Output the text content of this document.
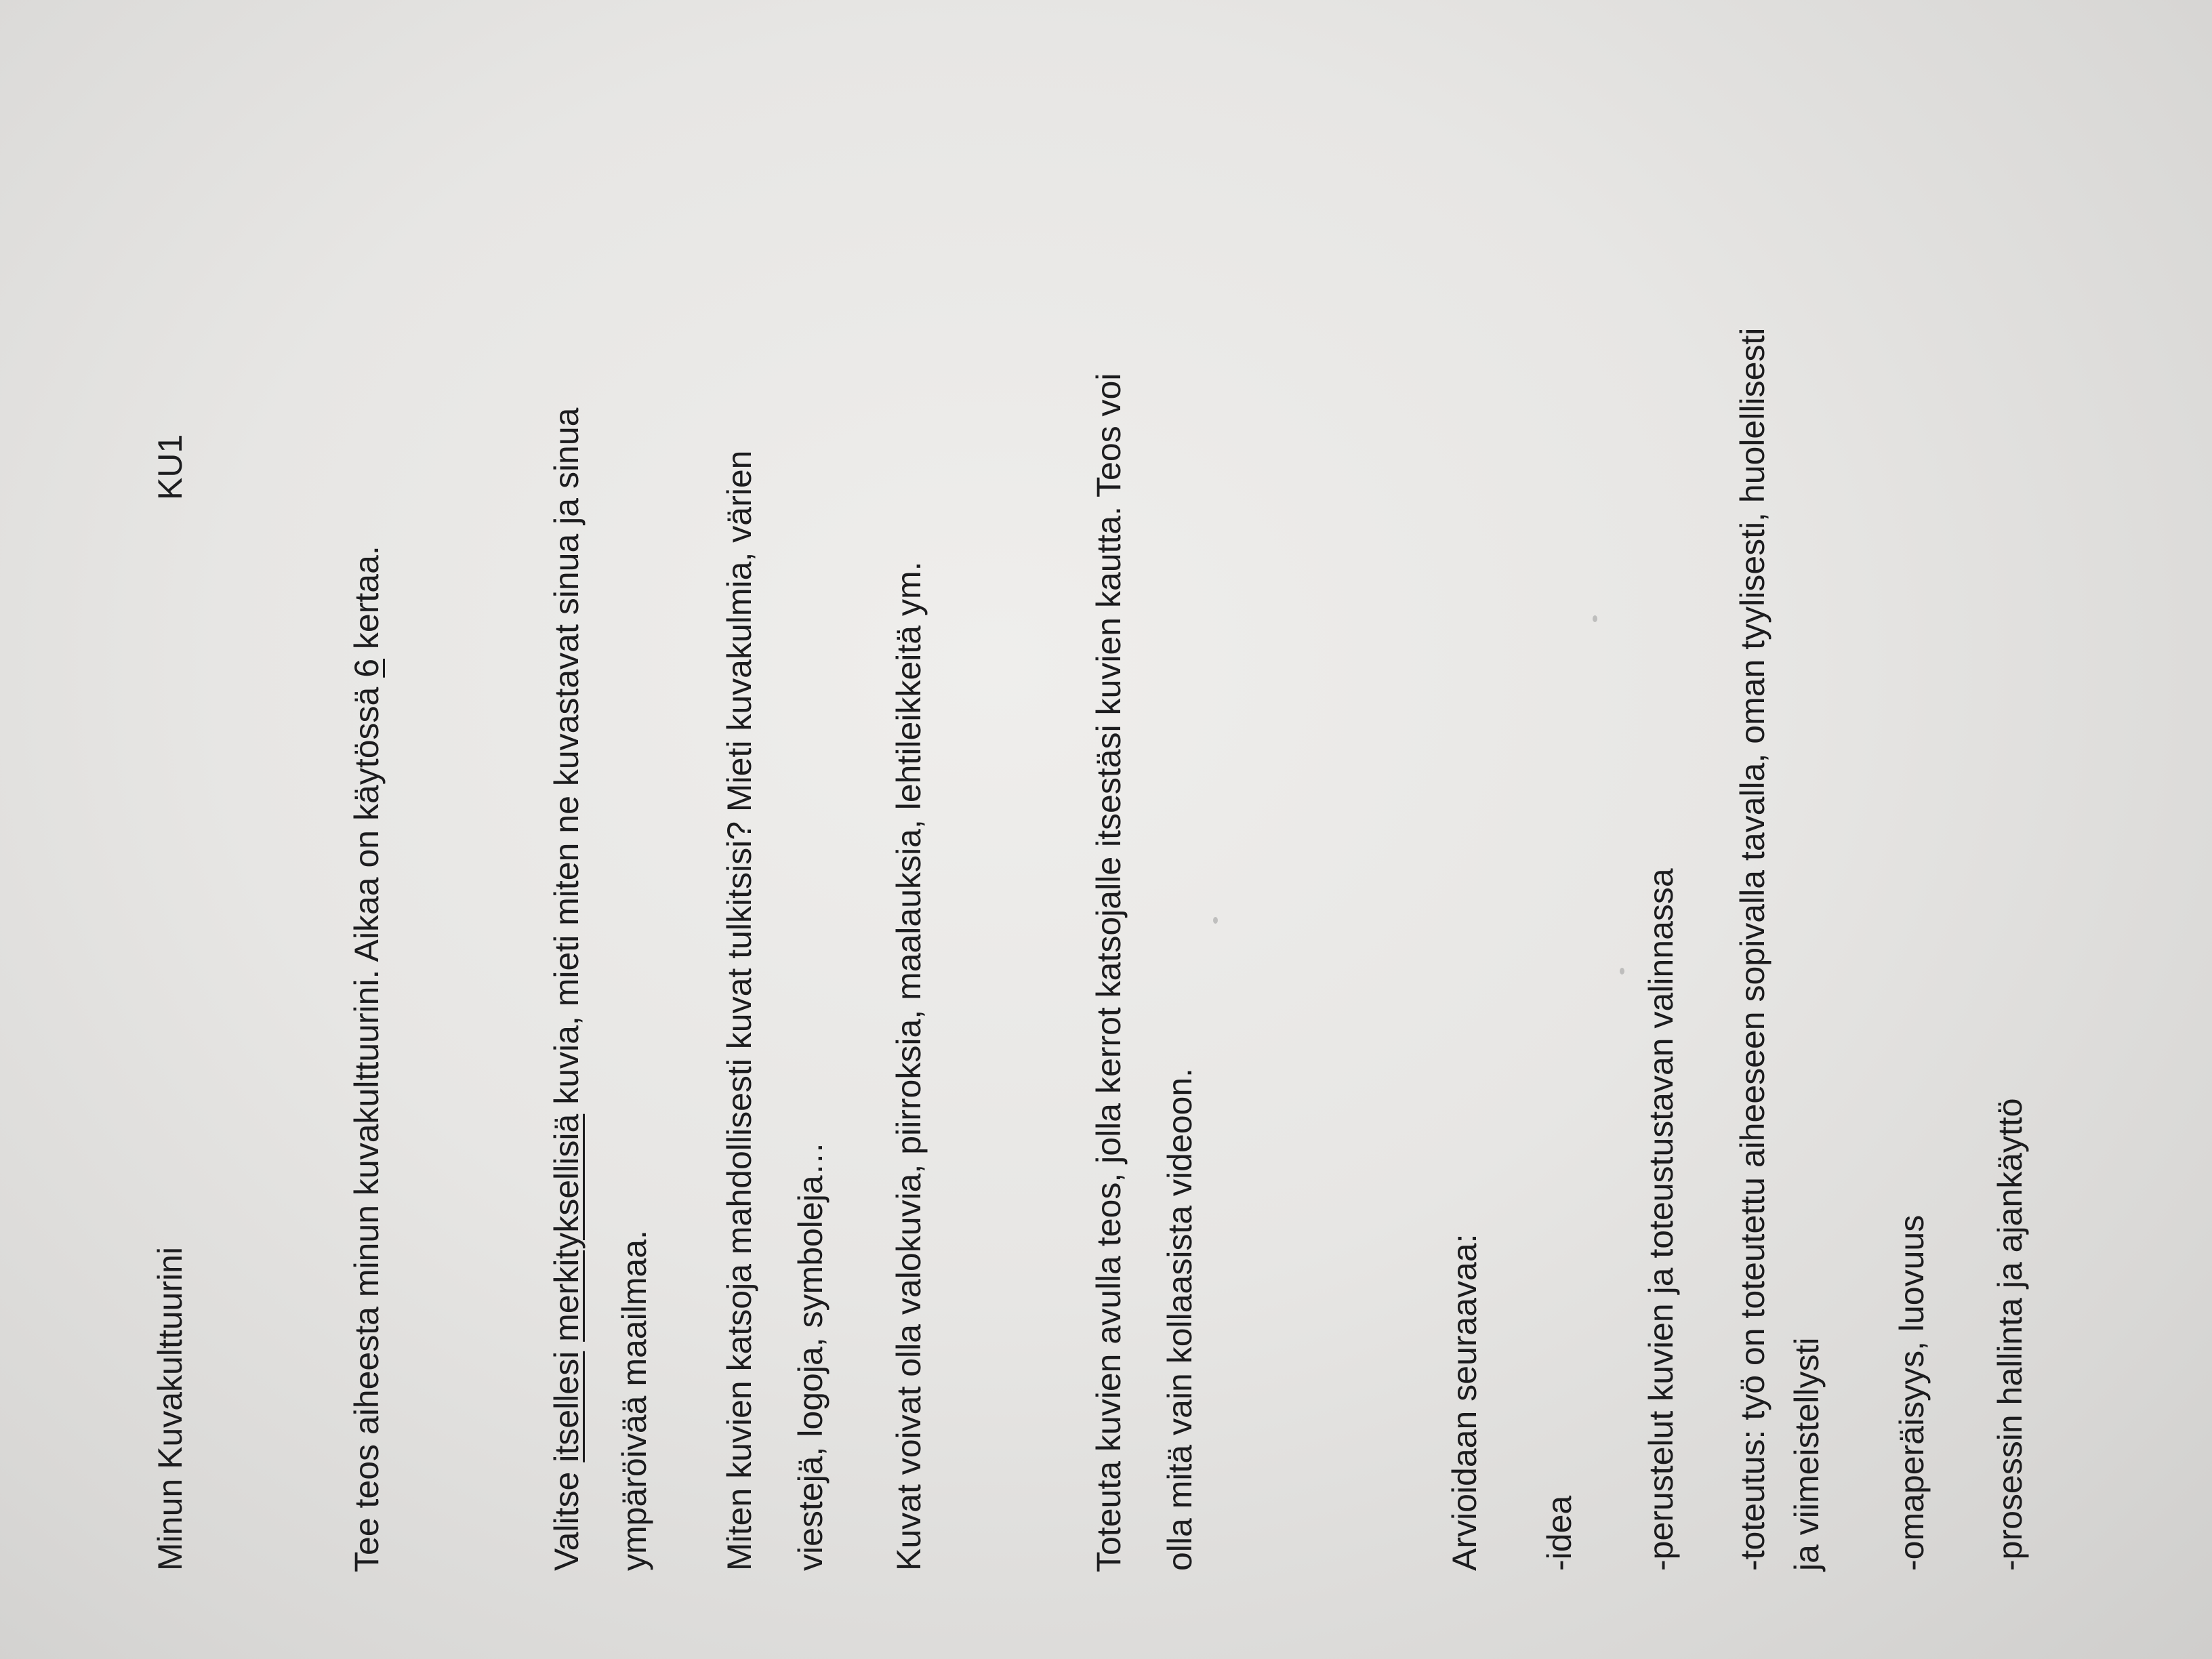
Minun Kuvakulttuurini
KU1
Tee teos aiheesta minun kuvakulttuurini. Aikaa on käytössä 6 kertaa.
Valitse itsellesi merkityksellisiä kuvia, mieti miten ne kuvastavat sinua ja sinua
ympäröivää maailmaa. Miten kuvien katsoja mahdollisesti kuvat tulkitsisi? Mieti kuvakulmia, värien viestejä, logoja, symboleja… Kuvat voivat olla valokuvia, piirroksia, maalauksia, lehtileikkeitä ym.	Toteuta kuvien avulla teos, jolla kerrot katsojalle itsestäsi kuvien kautta. Teos voi olla mitä vain kollaasista videoon.	Arvioidaan seuraavaa: -idea -perustelut kuvien ja toteustustavan valinnassa -toteutus: työ on toteutettu aiheeseen sopivalla tavalla, oman tyylisesti, huolellisesti ja viimeistellysti -omaperäisyys, luovuus -prosessin hallinta ja ajankäyttö
